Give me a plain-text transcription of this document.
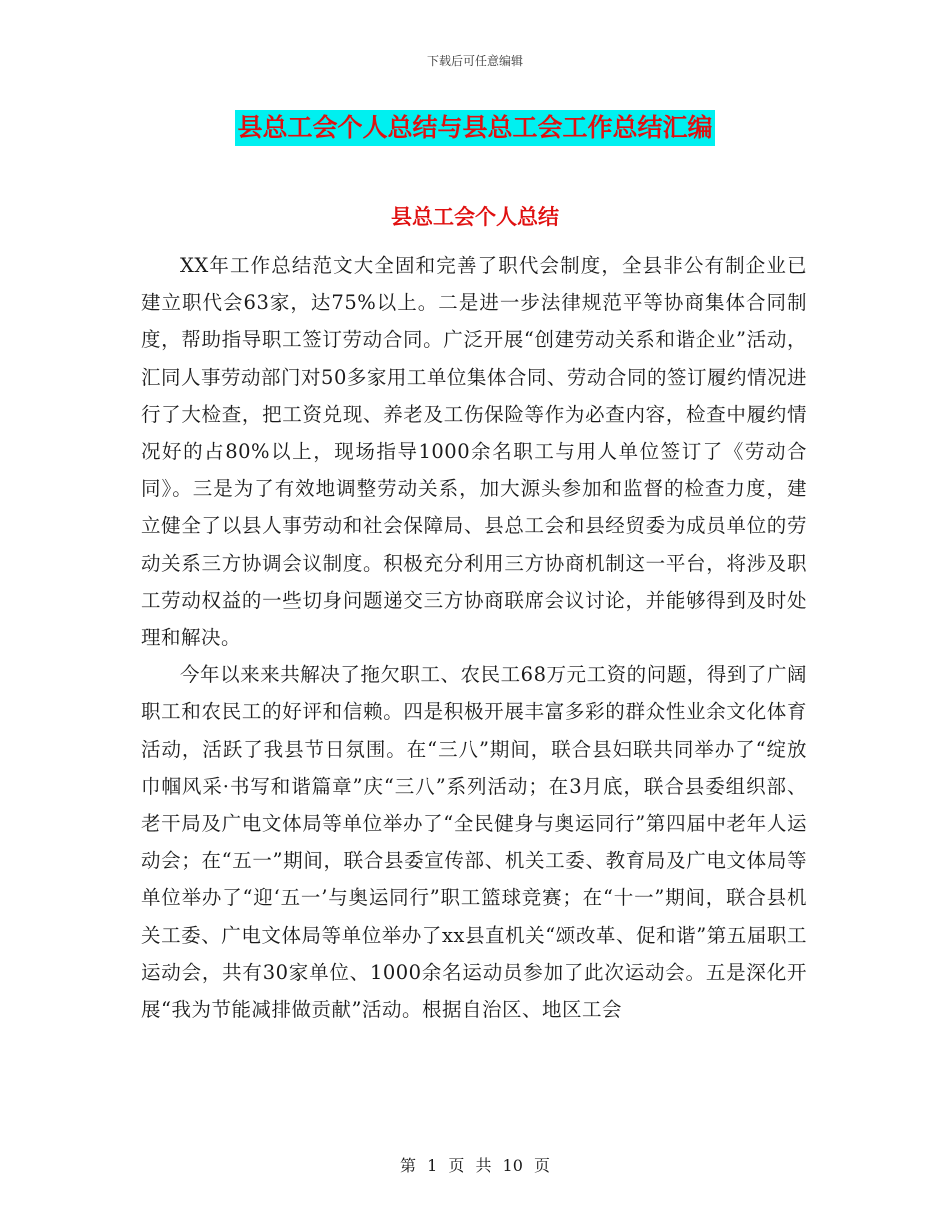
下载后可任意编辑
县总工会个人总结与县总工会工作总结汇编
县总工会个人总结

XX年工作总结范文大全固和完善了职代会制度，全县非公有制企业已建立职代会63家，达75%以上。二是进一步法律规范平等协商集体合同制度，帮助指导职工签订劳动合同。广泛开展“创建劳动关系和谐企业”活动，汇同人事劳动部门对50多家用工单位集体合同、劳动合同的签订履约情况进行了大检查，把工资兑现、养老及工伤保险等作为必查内容，检查中履约情况好的占80%以上，现场指导1000余名职工与用人单位签订了《劳动合同》。三是为了有效地调整劳动关系，加大源头参加和监督的检查力度，建立健全了以县人事劳动和社会保障局、县总工会和县经贸委为成员单位的劳动关系三方协调会议制度。积极充分利用三方协商机制这一平台，将涉及职工劳动权益的一些切身问题递交三方协商联席会议讨论，并能够得到及时处理和解决。

今年以来来共解决了拖欠职工、农民工68万元工资的问题，得到了广阔职工和农民工的好评和信赖。四是积极开展丰富多彩的群众性业余文化体育活动，活跃了我县节日氛围。在“三八”期间，联合县妇联共同举办了“绽放巾帼风采·书写和谐篇章”庆“三八”系列活动；在3月底，联合县委组织部、老干局及广电文体局等单位举办了“全民健身与奥运同行”第四届中老年人运动会；在“五一”期间，联合县委宣传部、机关工委、教育局及广电文体局等单位举办了“迎‘五一’与奥运同行”职工篮球竞赛；在“十一”期间，联合县机关工委、广电文体局等单位举办了xx县直机关“颂改革、促和谐”第五届职工运动会，共有30家单位、1000余名运动员参加了此次运动会。五是深化开展“我为节能减排做贡献”活动。根据自治区、地区工会

第 1 页 共 10 页
